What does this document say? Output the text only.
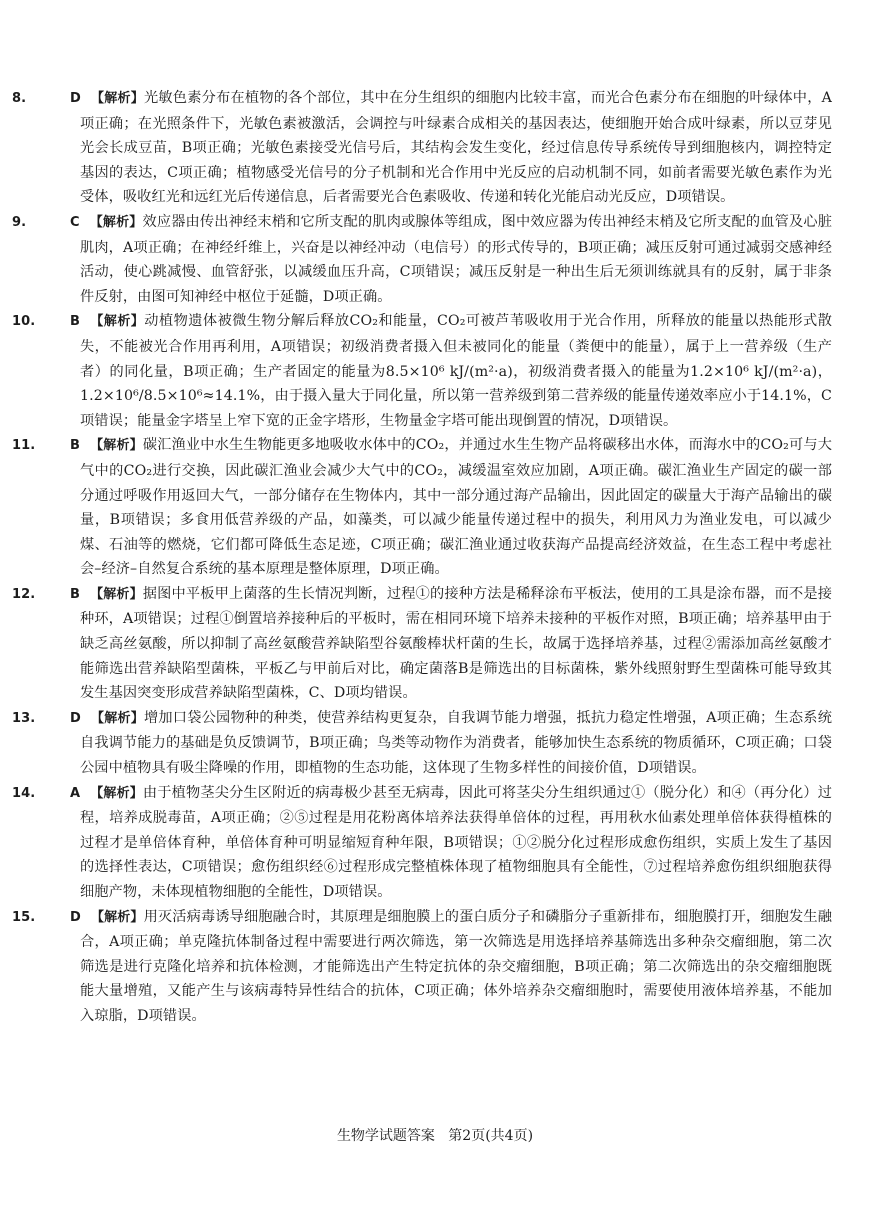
8.	D 【解析】光敏色素分布在植物的各个部位，其中在分生组织的细胞内比较丰富，而光合色素分布在细胞的叶绿体中，A项正确；在光照条件下，光敏色素被激活，会调控与叶绿素合成相关的基因表达，使细胞开始合成叶绿素，所以豆芽见光会长成豆苗，B项正确；光敏色素接受光信号后，其结构会发生变化，经过信息传导系统传导到细胞核内，调控特定基因的表达，C项正确；植物感受光信号的分子机制和光合作用中光反应的启动机制不同，如前者需要光敏色素作为光受体，吸收红光和远红光后传递信息，后者需要光合色素吸收、传递和转化光能启动光反应，D项错误。
9.	C 【解析】效应器由传出神经末梢和它所支配的肌肉或腺体等组成，图中效应器为传出神经末梢及它所支配的血管及心脏肌肉，A项正确；在神经纤维上，兴奋是以神经冲动（电信号）的形式传导的，B项正确；减压反射可通过减弱交感神经活动，使心跳减慢、血管舒张，以减缓血压升高，C项错误；减压反射是一种出生后无须训练就具有的反射，属于非条件反射，由图可知神经中枢位于延髓，D项正确。
10.	B 【解析】动植物遗体被微生物分解后释放CO₂和能量，CO₂可被芦苇吸收用于光合作用，所释放的能量以热能形式散失，不能被光合作用再利用，A项错误；初级消费者摄入但未被同化的能量（粪便中的能量），属于上一营养级（生产者）的同化量，B项正确；生产者固定的能量为8.5×10⁶ kJ/(m²·a)，初级消费者摄入的能量为1.2×10⁶ kJ/(m²·a)，1.2×10⁶/8.5×10⁶≈14.1%，由于摄入量大于同化量，所以第一营养级到第二营养级的能量传递效率应小于14.1%，C项错误；能量金字塔呈上窄下宽的正金字塔形，生物量金字塔可能出现倒置的情况，D项错误。
11.	B 【解析】碳汇渔业中水生生物能更多地吸收水体中的CO₂，并通过水生生物产品将碳移出水体，而海水中的CO₂可与大气中的CO₂进行交换，因此碳汇渔业会减少大气中的CO₂，减缓温室效应加剧，A项正确。碳汇渔业生产固定的碳一部分通过呼吸作用返回大气，一部分储存在生物体内，其中一部分通过海产品输出，因此固定的碳量大于海产品输出的碳量，B项错误；多食用低营养级的产品，如藻类，可以减少能量传递过程中的损失，利用风力为渔业发电，可以减少煤、石油等的燃烧，它们都可降低生态足迹，C项正确；碳汇渔业通过收获海产品提高经济效益，在生态工程中考虑社会–经济–自然复合系统的基本原理是整体原理，D项正确。
12.	B 【解析】据图中平板甲上菌落的生长情况判断，过程①的接种方法是稀释涂布平板法，使用的工具是涂布器，而不是接种环，A项错误；过程①倒置培养接种后的平板时，需在相同环境下培养未接种的平板作对照，B项正确；培养基甲由于缺乏高丝氨酸，所以抑制了高丝氨酸营养缺陷型谷氨酸棒状杆菌的生长，故属于选择培养基，过程②需添加高丝氨酸才能筛选出营养缺陷型菌株，平板乙与甲前后对比，确定菌落B是筛选出的目标菌株，紫外线照射野生型菌株可能导致其发生基因突变形成营养缺陷型菌株，C、D项均错误。
13.	D 【解析】增加口袋公园物种的种类，使营养结构更复杂，自我调节能力增强，抵抗力稳定性增强，A项正确；生态系统自我调节能力的基础是负反馈调节，B项正确；鸟类等动物作为消费者，能够加快生态系统的物质循环，C项正确；口袋公园中植物具有吸尘降噪的作用，即植物的生态功能，这体现了生物多样性的间接价值，D项错误。
14.	A 【解析】由于植物茎尖分生区附近的病毒极少甚至无病毒，因此可将茎尖分生组织通过①（脱分化）和④（再分化）过程，培养成脱毒苗，A项正确；②⑤过程是用花粉离体培养法获得单倍体的过程，再用秋水仙素处理单倍体获得植株的过程才是单倍体育种，单倍体育种可明显缩短育种年限，B项错误；①②脱分化过程形成愈伤组织，实质上发生了基因的选择性表达，C项错误；愈伤组织经⑥过程形成完整植株体现了植物细胞具有全能性，⑦过程培养愈伤组织细胞获得细胞产物，未体现植物细胞的全能性，D项错误。
15.	D 【解析】用灭活病毒诱导细胞融合时，其原理是细胞膜上的蛋白质分子和磷脂分子重新排布，细胞膜打开，细胞发生融合，A项正确；单克隆抗体制备过程中需要进行两次筛选，第一次筛选是用选择培养基筛选出多种杂交瘤细胞，第二次筛选是进行克隆化培养和抗体检测，才能筛选出产生特定抗体的杂交瘤细胞，B项正确；第二次筛选出的杂交瘤细胞既能大量增殖，又能产生与该病毒特异性结合的抗体，C项正确；体外培养杂交瘤细胞时，需要使用液体培养基，不能加入琼脂，D项错误。
生物学试题答案 第2页(共4页)
